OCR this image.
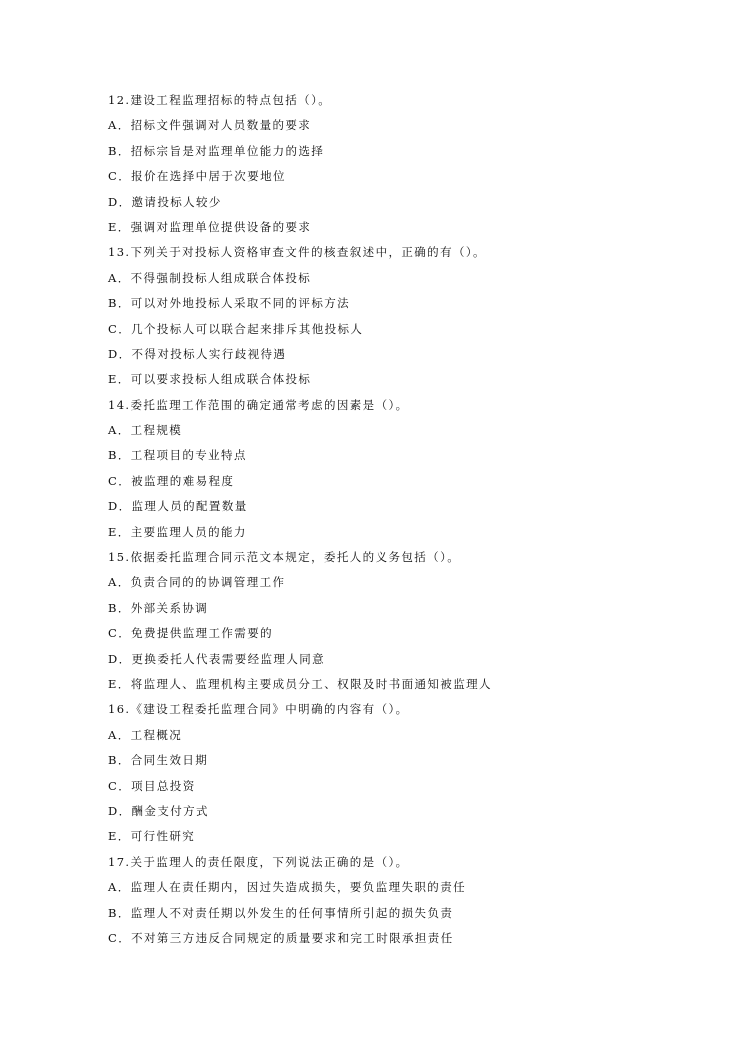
12.建设工程监理招标的特点包括（）。
A．招标文件强调对人员数量的要求
B．招标宗旨是对监理单位能力的选择
C．报价在选择中居于次要地位
D．邀请投标人较少
E．强调对监理单位提供设备的要求
13.下列关于对投标人资格审查文件的核查叙述中，正确的有（）。
A．不得强制投标人组成联合体投标
B．可以对外地投标人采取不同的评标方法
C．几个投标人可以联合起来排斥其他投标人
D．不得对投标人实行歧视待遇
E．可以要求投标人组成联合体投标
14.委托监理工作范围的确定通常考虑的因素是（）。
A．工程规模
B．工程项目的专业特点
C．被监理的难易程度
D．监理人员的配置数量
E．主要监理人员的能力
15.依据委托监理合同示范文本规定，委托人的义务包括（）。
A．负责合同的的协调管理工作
B．外部关系协调
C．免费提供监理工作需要的
D．更换委托人代表需要经监理人同意
E．将监理人、监理机构主要成员分工、权限及时书面通知被监理人
16.《建设工程委托监理合同》中明确的内容有（）。
A．工程概况
B．合同生效日期
C．项目总投资
D．酬金支付方式
E．可行性研究
17.关于监理人的责任限度，下列说法正确的是（）。
A．监理人在责任期内，因过失造成损失，要负监理失职的责任
B．监理人不对责任期以外发生的任何事情所引起的损失负责
C．不对第三方违反合同规定的质量要求和完工时限承担责任
